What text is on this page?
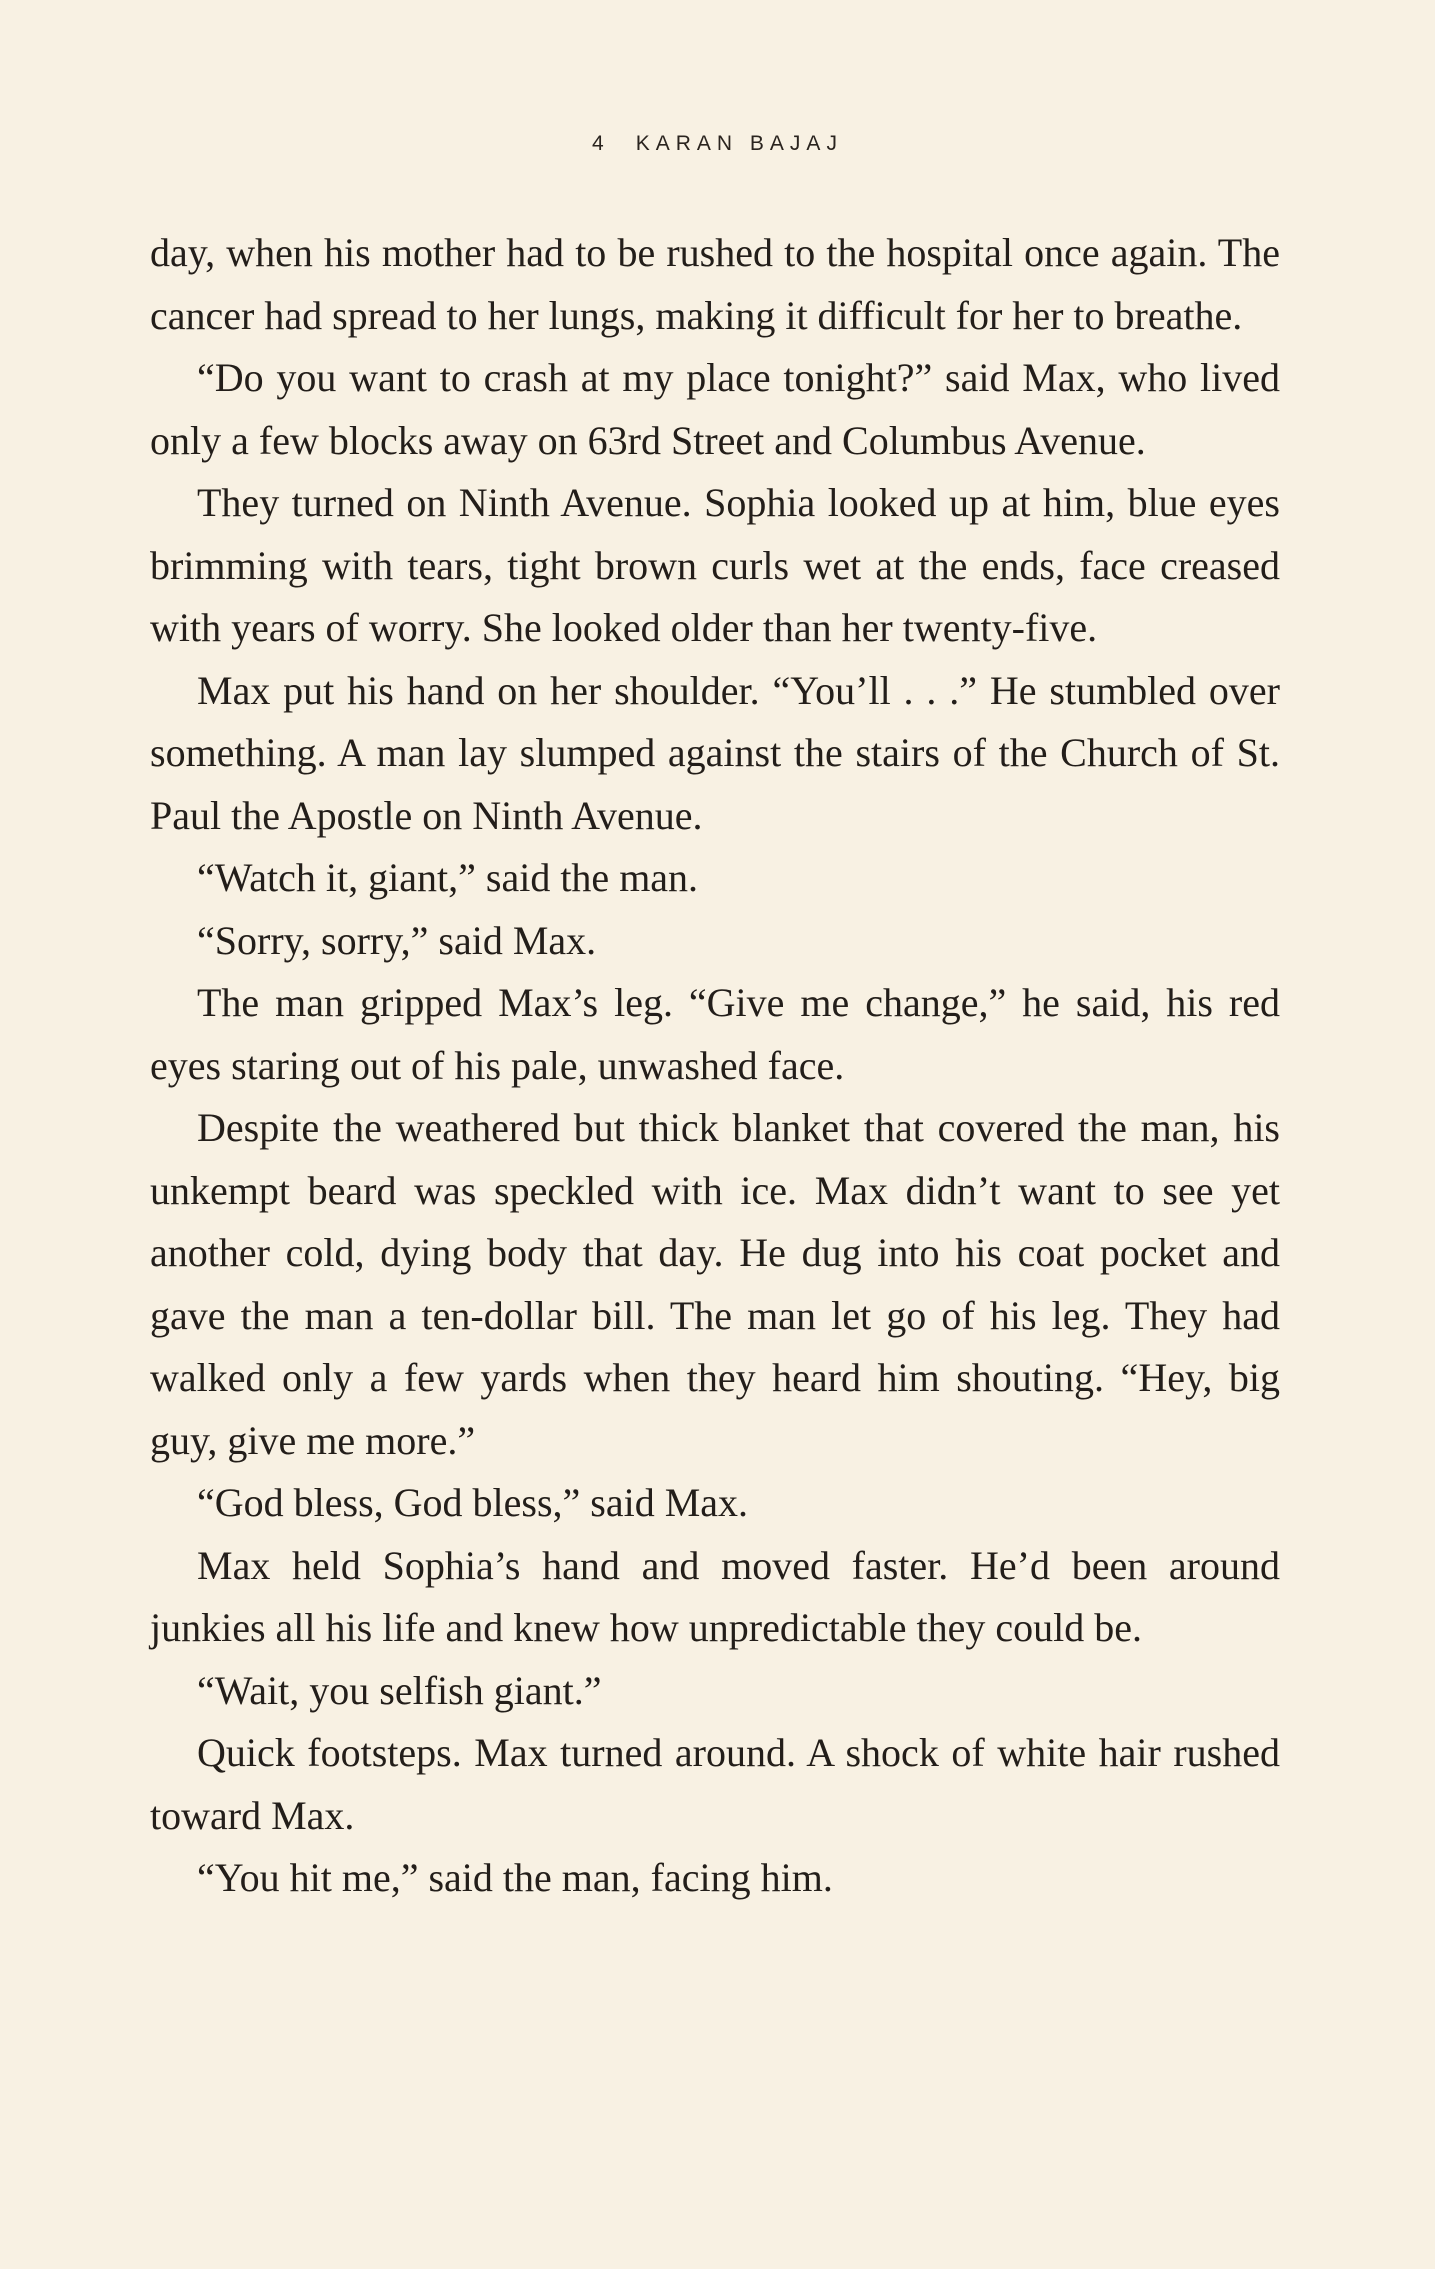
4 KARAN BAJAJ

day, when his mother had to be rushed to the hospital once again. The cancer had spread to her lungs, making it difficult for her to breathe.

“Do you want to crash at my place tonight?” said Max, who lived only a few blocks away on 63rd Street and Columbus Avenue.

They turned on Ninth Avenue. Sophia looked up at him, blue eyes brimming with tears, tight brown curls wet at the ends, face creased with years of worry. She looked older than her twenty-five.

Max put his hand on her shoulder. “You’ll . . .” He stumbled over something. A man lay slumped against the stairs of the Church of St. Paul the Apostle on Ninth Avenue.

“Watch it, giant,” said the man.

“Sorry, sorry,” said Max.

The man gripped Max’s leg. “Give me change,” he said, his red eyes staring out of his pale, unwashed face.

Despite the weathered but thick blanket that covered the man, his unkempt beard was speckled with ice. Max didn’t want to see yet another cold, dying body that day. He dug into his coat pocket and gave the man a ten-dollar bill. The man let go of his leg. They had walked only a few yards when they heard him shouting. “Hey, big guy, give me more.”

“God bless, God bless,” said Max.

Max held Sophia’s hand and moved faster. He’d been around junkies all his life and knew how unpredictable they could be.

“Wait, you selfish giant.”

Quick footsteps. Max turned around. A shock of white hair rushed toward Max.

“You hit me,” said the man, facing him.
